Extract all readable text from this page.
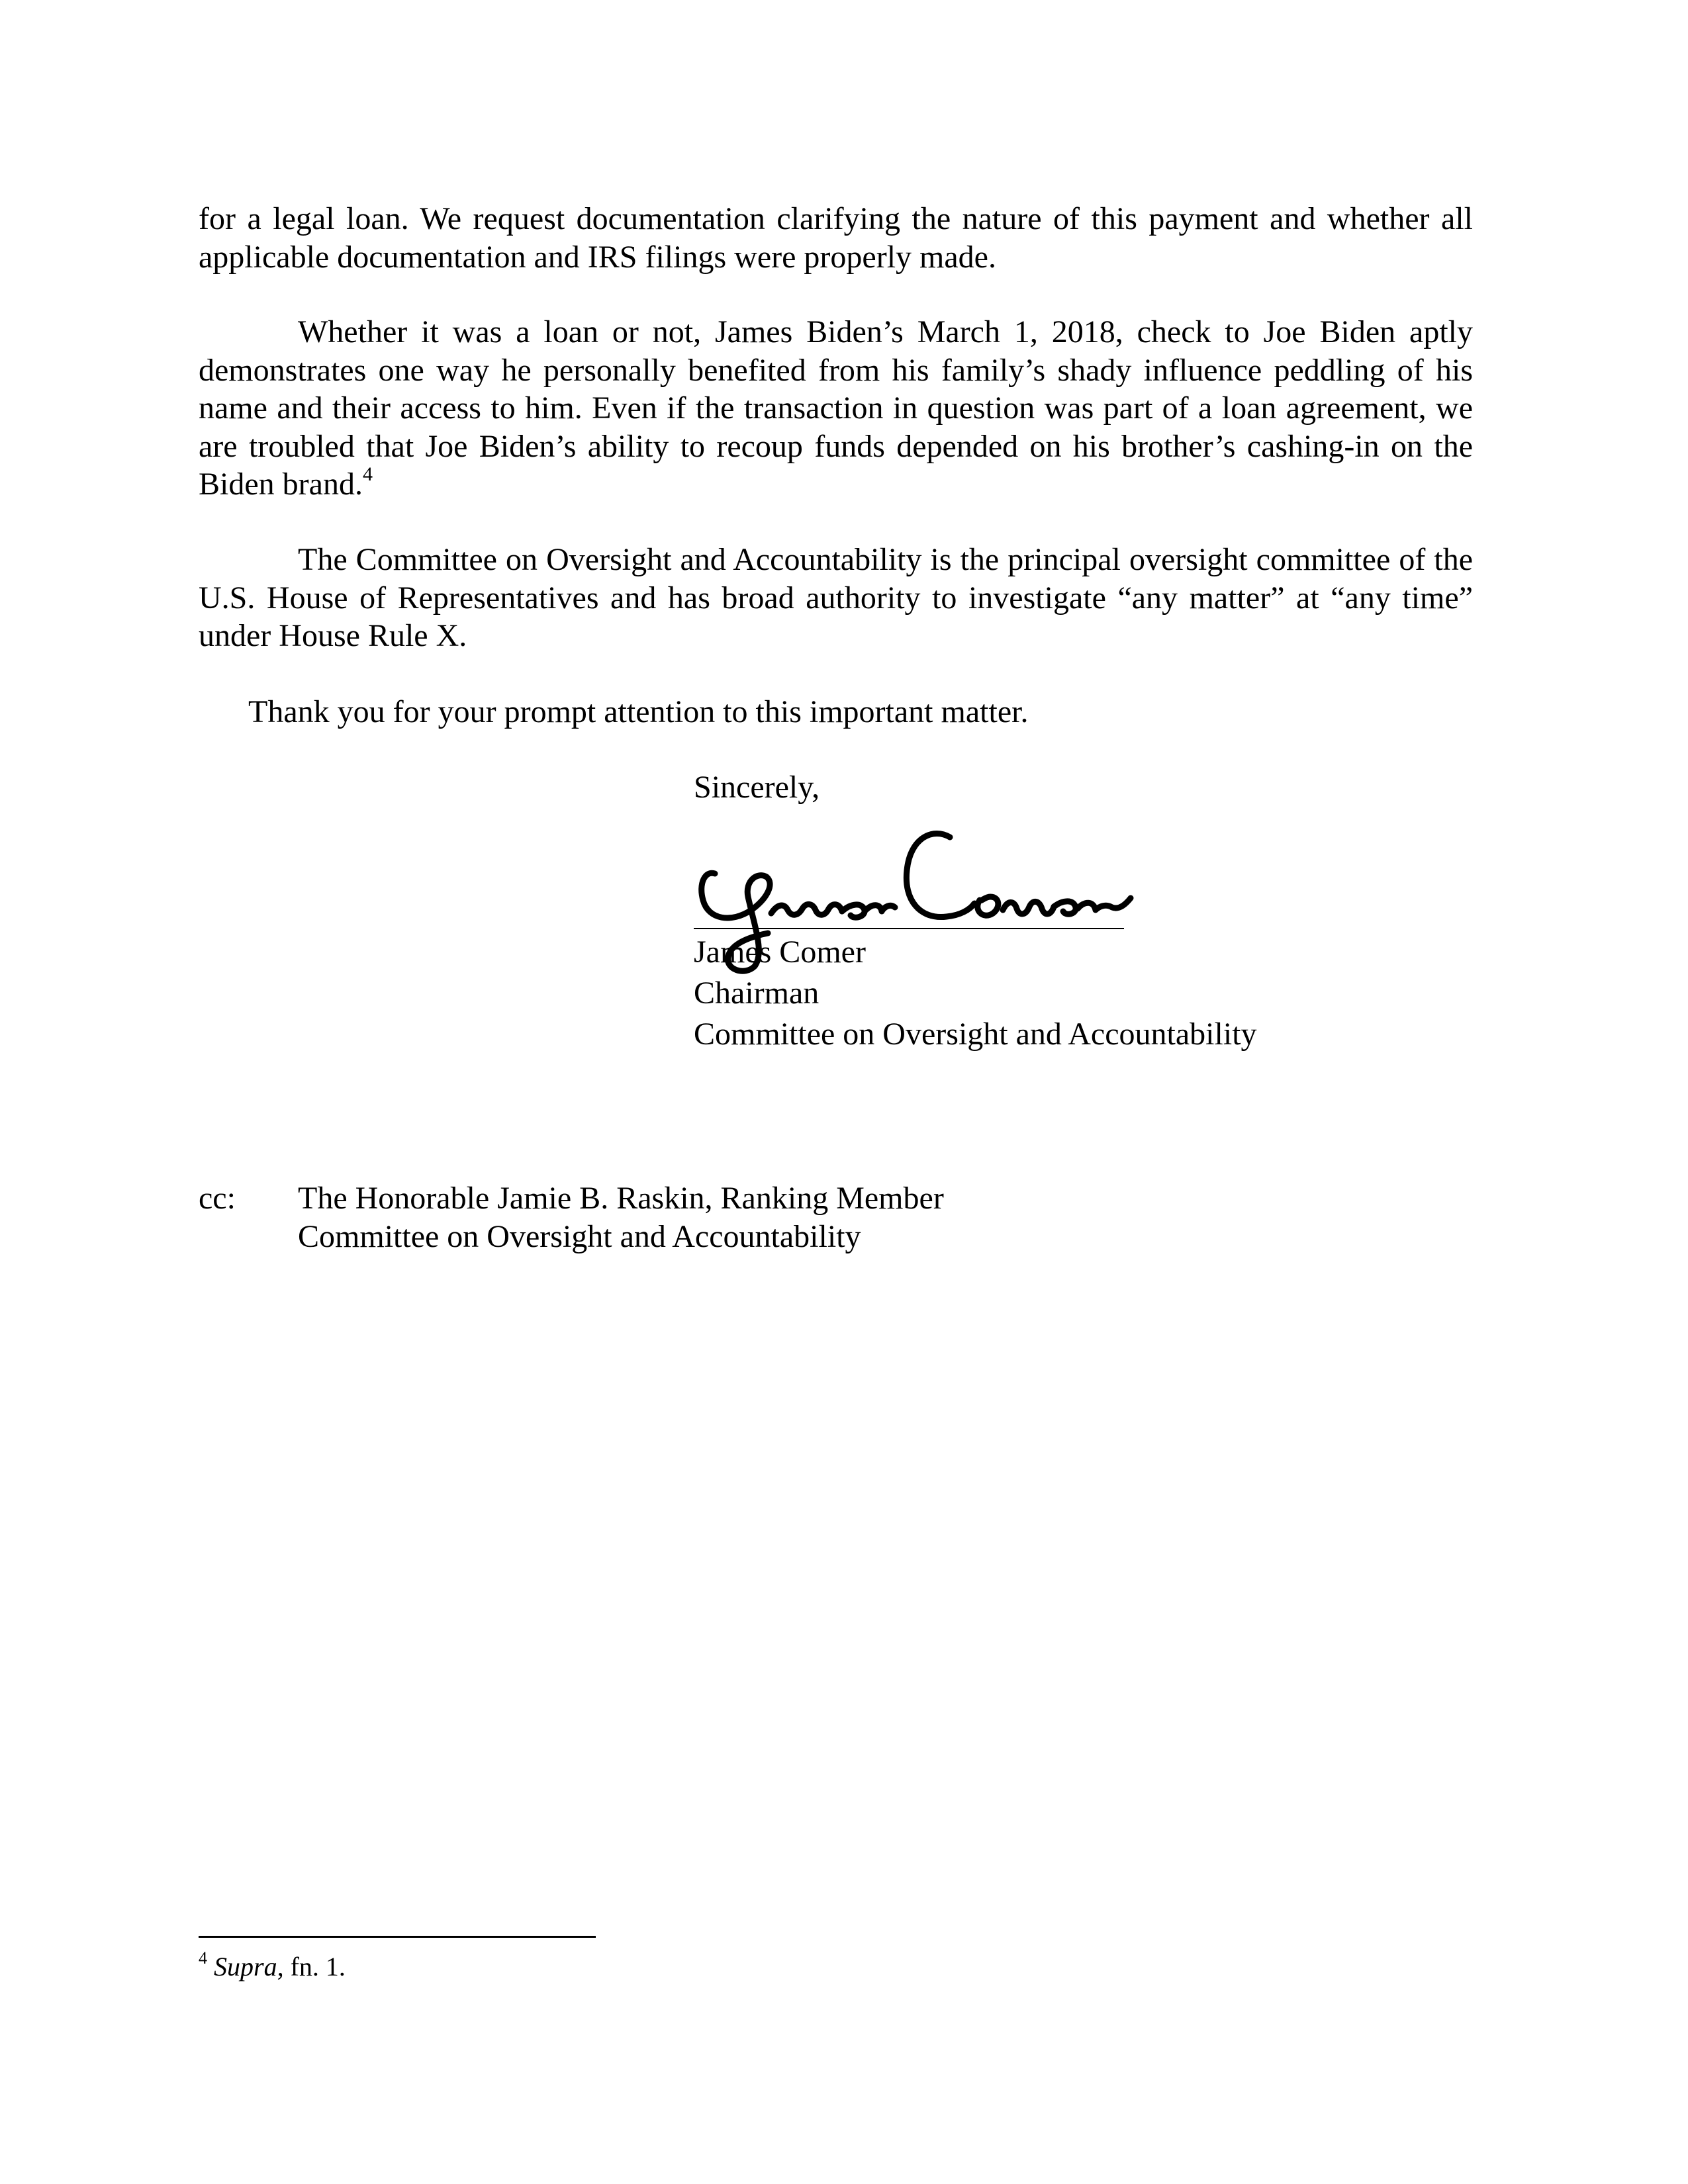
for a legal loan. We request documentation clarifying the nature of this payment and whether all applicable documentation and IRS filings were properly made.

Whether it was a loan or not, James Biden’s March 1, 2018, check to Joe Biden aptly demonstrates one way he personally benefited from his family’s shady influence peddling of his name and their access to him. Even if the transaction in question was part of a loan agreement, we are troubled that Joe Biden’s ability to recoup funds depended on his brother’s cashing-in on the Biden brand.$^4$

The Committee on Oversight and Accountability is the principal oversight committee of the U.S. House of Representatives and has broad authority to investigate “any matter” at “any time” under House Rule X.

Thank you for your prompt attention to this important matter.

Sincerely,
James Comer
Chairman
Committee on Oversight and Accountability
cc: The Honorable Jamie B. Raskin, Ranking Member
Committee on Oversight and Accountability
$^4$ Supra, fn. 1.
